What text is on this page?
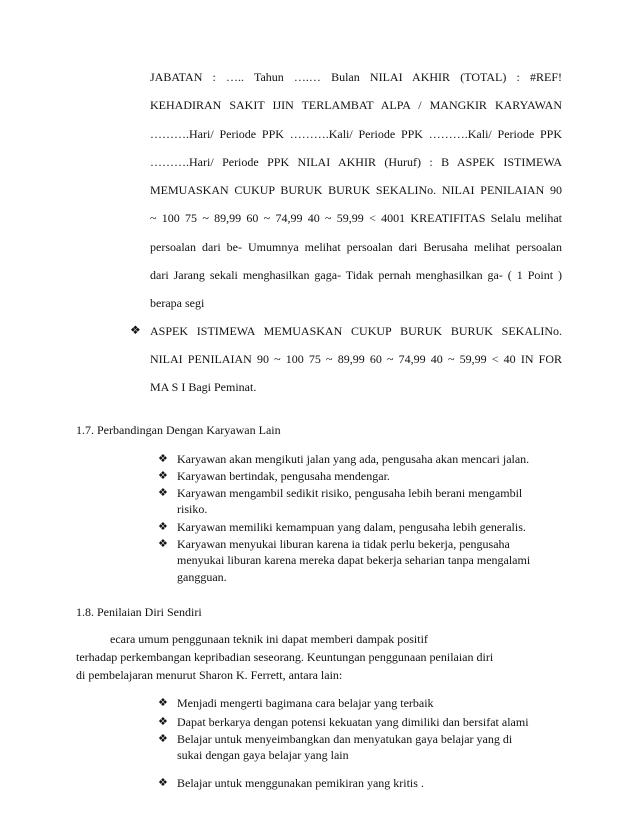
JABATAN : ….. Tahun ….… Bulan NILAI AKHIR (TOTAL) : #REF!
KEHADIRAN SAKIT IJIN TERLAMBAT ALPA / MANGKIR KARYAWAN
……….Hari/ Periode PPK ……….Kali/ Periode PPK ……….Kali/ Periode PPK
……….Hari/ Periode PPK NILAI AKHIR (Huruf) : B ASPEK ISTIMEWA
MEMUASKAN CUKUP BURUK BURUK SEKALINo. NILAI PENILAIAN 90
~ 100 75 ~ 89,99 60 ~ 74,99 40 ~ 59,99 < 4001 KREATIFITAS Selalu melihat
persoalan dari be- Umumnya melihat persoalan dari Berusaha melihat persoalan
dari Jarang sekali menghasilkan gaga- Tidak pernah menghasilkan ga- ( 1 Point )
berapa segi
❖ ASPEK ISTIMEWA MEMUASKAN CUKUP BURUK BURUK SEKALINo.
NILAI PENILAIAN 90 ~ 100 75 ~ 89,99 60 ~ 74,99 40 ~ 59,99 < 40 IN FOR
MA S I Bagi Peminat.
1.7. Perbandingan Dengan Karyawan Lain
❖ Karyawan akan mengikuti jalan yang ada, pengusaha akan mencari jalan.
❖ Karyawan bertindak, pengusaha mendengar.
❖ Karyawan mengambil sedikit risiko, pengusaha lebih berani mengambil
risiko.
❖ Karyawan memiliki kemampuan yang dalam, pengusaha lebih generalis.
❖ Karyawan menyukai liburan karena ia tidak perlu bekerja, pengusaha
menyukai liburan karena mereka dapat bekerja seharian tanpa mengalami
gangguan.
1.8. Penilaian Diri Sendiri
ecara umum penggunaan teknik ini dapat memberi dampak positif
terhadap perkembangan kepribadian seseorang. Keuntungan penggunaan penilaian diri
di pembelajaran menurut Sharon K. Ferrett, antara lain:
❖ Menjadi mengerti bagimana cara belajar yang terbaik
❖ Dapat berkarya dengan potensi kekuatan yang dimiliki dan bersifat alami
❖ Belajar untuk menyeimbangkan dan menyatukan gaya belajar yang di
sukai dengan gaya belajar yang lain
❖ Belajar untuk menggunakan pemikiran yang kritis .
